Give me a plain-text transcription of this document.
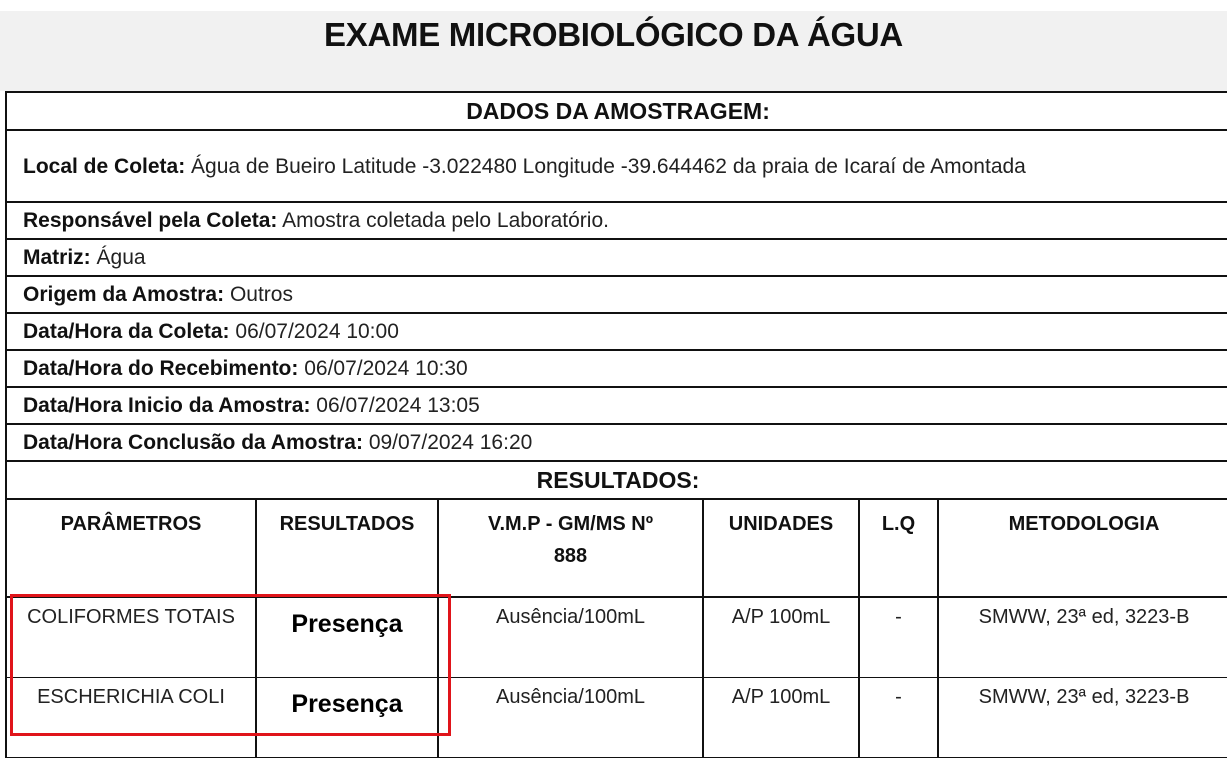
EXAME MICROBIOLÓGICO DA ÁGUA
DADOS DA AMOSTRAGEM:					
Local de Coleta: Água de Bueiro Latitude -3.022480 Longitude -39.644462 da praia de Icaraí de Amontada					
Responsável pela Coleta: Amostra coletada pelo Laboratório.					
Matriz: Água					
Origem da Amostra: Outros					
Data/Hora da Coleta: 06/07/2024 10:00					
Data/Hora do Recebimento: 06/07/2024 10:30					
Data/Hora Inicio da Amostra: 06/07/2024 13:05					
Data/Hora Conclusão da Amostra: 09/07/2024 16:20					
RESULTADOS:					
PARÂMETROS	RESULTADOS	V.M.P - GM/MS Nº 888	UNIDADES	L.Q	METODOLOGIA
COLIFORMES TOTAIS	Presença	Ausência/100mL	A/P 100mL	-	SMWW, 23ª ed, 3223-B
ESCHERICHIA COLI	Presença	Ausência/100mL	A/P 100mL	-	SMWW, 23ª ed, 3223-B
